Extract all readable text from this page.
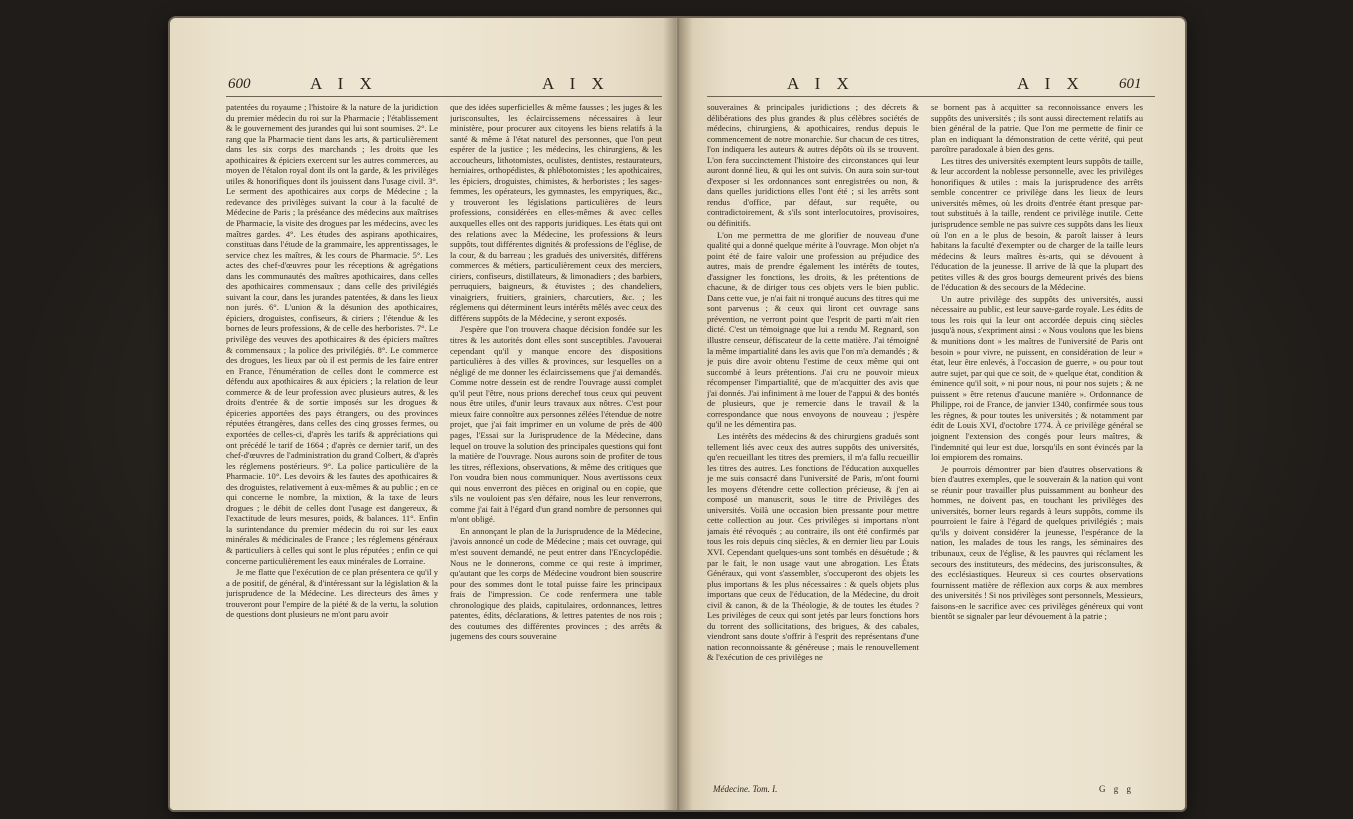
600	A I X	A I X

patentées du royaume ; l'histoire & la nature de la juridiction du premier médecin du roi sur la Pharmacie ; l'établissement & le gouvernement des jurandes qui lui sont soumises. 2°. Le rang que la Pharmacie tient dans les arts, & particulièrement dans les six corps des marchands ; les droits que les apothicaires & épiciers exercent sur les autres commerces, au moyen de l'étalon royal dont ils ont la garde, & les privilèges utiles & honorifiques dont ils jouissent dans l'usage civil. 3°. Le serment des apothicaires aux corps de Médecine ; la redevance des privilèges suivant la cour à la faculté de Médecine de Paris ; la préséance des médecins aux maîtrises de Pharmacie, la visite des drogues par les médecins, avec les maîtres gardes. 4°. Les études des aspirans apothicaires, constituas dans l'étude de la grammaire, les apprentissages, le service chez les maîtres, & les cours de Pharmacie. 5°. Les actes des chef-d'œuvres pour les réceptions & agrégations dans les communautés des maîtres apothicaires, dans celles des apothicaires commensaux ; dans celle des privilégiés suivant la cour, dans les jurandes patentées, & dans les lieux non jurés. 6°. L'union & la désunion des apothicaires, épiciers, droguistes, confiseurs, & ciriers ; l'étendue & les bornes de leurs professions, & de celle des herboristes. 7°. Le privilège des veuves des apothicaires & des épiciers maîtres & commensaux ; la police des privilégiés. 8°. Le commerce des drogues, les lieux par où il est permis de les faire entrer en France, l'énumération de celles dont le commerce est défendu aux apothicaires & aux épiciers ; la relation de leur commerce & de leur profession avec plusieurs autres, & les droits d'entrée & de sortie imposés sur les drogues & épiceries apportées des pays étrangers, ou des provinces réputées étrangères, dans celles des cinq grosses fermes, ou exportées de celles-ci, d'après les tarifs & appréciations qui ont précédé le tarif de 1664 ; d'après ce dernier tarif, un des chef-d'œuvres de l'administration du grand Colbert, & d'après les réglemens postérieurs. 9°. La police particulière de la Pharmacie. 10°. Les devoirs & les fautes des apothicaires & des droguistes, relativement à eux-mêmes & au public ; en ce qui concerne le nombre, la mixtion, & la taxe de leurs drogues ; le débit de celles dont l'usage est dangereux, & l'exactitude de leurs mesures, poids, & balances. 11°. Enfin la surintendance du premier médecin du roi sur les eaux minérales & médicinales de France ; les réglemens généraux & particuliers à celles qui sont le plus réputées ; enfin ce qui concerne particulièrement les eaux minérales de Lorraine.

Je me flatte que l'exécution de ce plan présentera ce qu'il y a de positif, de général, & d'intéressant sur la législation & la jurisprudence de la Médecine. Les directeurs des âmes y trouveront pour l'empire de la piété & de la vertu, la solution de questions dont plusieurs ne m'ont paru avoir

que des idées superficielles & même fausses ; les juges & les jurisconsultes, les éclaircissemens nécessaires à leur ministère, pour procurer aux citoyens les biens relatifs à la santé & même à l'état naturel des personnes, que l'on peut espérer de la justice ; les médecins, les chirurgiens, & les accoucheurs, lithotomistes, oculistes, dentistes, restaurateurs, herniaires, orthopédistes, & phlébotomistes ; les apothicaires, les épiciers, droguistes, chimistes, & herboristes ; les sages-femmes, les opérateurs, les gymnastes, les empyriques, &c., y trouveront les législations particulières de leurs professions, considérées en elles-mêmes & avec celles auxquelles elles ont des rapports juridiques. Les états qui ont des relations avec la Médecine, les professions & leurs suppôts, tout différentes dignités & professions de l'église, de la cour, & du barreau ; les gradués des universités, différens commerces & métiers, particulièrement ceux des merciers, ciriers, confiseurs, distillateurs, & limonadiers ; des barbiers, perruquiers, baigneurs, & étuvistes ; des chandeliers, vinaigriers, fruitiers, grainiers, charcutiers, &c. ; les réglemens qui déterminent leurs intérêts mêlés avec ceux des différens suppôts de la Médecine, y seront exposés.

J'espère que l'on trouvera chaque décision fondée sur les titres & les autorités dont elles sont susceptibles. J'avouerai cependant qu'il y manque encore des dispositions particulières à des villes & provinces, sur lesquelles on a négligé de me donner les éclaircissemens que j'ai demandés. Comme notre dessein est de rendre l'ouvrage aussi complet qu'il peut l'être, nous prions derechef tous ceux qui peuvent nous être utiles, d'unir leurs travaux aux nôtres. C'est pour mieux faire connoître aux personnes zélées l'étendue de notre projet, que j'ai fait imprimer en un volume de près de 400 pages, l'Essai sur la Jurisprudence de la Médecine, dans lequel on trouve la solution des principales questions qui font la matière de l'ouvrage. Nous aurons soin de profiter de tous les titres, réflexions, observations, & même des critiques que l'on voudra bien nous communiquer. Nous avertissons ceux qui nous enverront des pièces en original ou en copie, que s'ils ne vouloient pas s'en défaire, nous les leur renverrons, comme j'ai fait à l'égard d'un grand nombre de personnes qui m'ont obligé.

En annonçant le plan de la Jurisprudence de la Médecine, j'avois annoncé un code de Médecine ; mais cet ouvrage, qui m'est souvent demandé, ne peut entrer dans l'Encyclopédie. Nous ne le donnerons, comme ce qui reste à imprimer, qu'autant que les corps de Médecine voudront bien souscrire pour des sommes dont le total puisse faire les principaux frais de l'impression. Ce code renfermera une table chronologique des plaids, capitulaires, ordonnances, lettres patentes, édits, déclarations, & lettres patentes de nos rois ; des coutumes des différentes provinces ; des arrêts & jugemens des cours souveraine

A I X	A I X 601

souveraines & principales juridictions ; des décrets & délibérations des plus grandes & plus célèbres sociétés de médecins, chirurgiens, & apothicaires, rendus depuis le commencement de notre monarchie. Sur chacun de ces titres, l'on indiquera les auteurs & autres dépôts où ils se trouvent. L'on fera succinctement l'histoire des circonstances qui leur auront donné lieu, & qui les ont suivis. On aura soin sur-tout d'exposer si les ordonnances sont enregistrées ou non, & dans quelles juridictions elles l'ont été ; si les arrêts sont rendus d'office, par défaut, sur requête, ou contradictoirement, & s'ils sont interlocutoires, provisoires, ou définitifs.

L'on me permettra de me glorifier de nouveau d'une qualité qui a donné quelque mérite à l'ouvrage. Mon objet n'a point été de faire valoir une profession au préjudice des autres, mais de prendre également les intérêts de toutes, d'assigner les fonctions, les droits, & les prétentions de chacune, & de diriger tous ces objets vers le bien public. Dans cette vue, je n'ai fait ni tronqué aucuns des titres qui me sont parvenus ; & ceux qui liront cet ouvrage sans prévention, ne verront point que l'esprit de parti m'ait rien dicté. C'est un témoignage que lui a rendu M. Regnard, son illustre censeur, défiscateur de la cette matière. J'ai témoigné la même impartialité dans les avis que l'on m'a demandés ; & je puis dire avoir obtenu l'estime de ceux même qui ont succombé à leurs prétentions. J'ai cru ne pouvoir mieux récompenser l'impartialité, que de m'acquitter des avis que j'ai donnés. J'ai infiniment à me louer de l'appui & des bontés de plusieurs, que je remercie dans le travail & la correspondance que nous envoyons de nouveau ; j'espère qu'il ne les démentira pas.

Les intérêts des médecins & des chirurgiens gradués sont tellement liés avec ceux des autres suppôts des universités, qu'en recueillant les titres des premiers, il m'a fallu recueillir les titres des autres. Les fonctions de l'éducation auxquelles je me suis consacré dans l'université de Paris, m'ont fourni les moyens d'étendre cette collection précieuse, & j'en ai composé un manuscrit, sous le titre de Privilèges des universités. Voilà une occasion bien pressante pour mettre cette collection au jour. Ces privilèges si importans n'ont jamais été révoqués ; au contraire, ils ont été confirmés par tous les rois depuis cinq siècles, & en dernier lieu par Louis XVI. Cependant quelques-uns sont tombés en désuétude ; & par le fait, le non usage vaut une abrogation. Les États Généraux, qui vont s'assembler, s'occuperont des objets les plus importans & les plus nécessaires : & quels objets plus importans que ceux de l'éducation, de la Médecine, du droit civil & canon, & de la Théologie, & de toutes les études ? Les privilèges de ceux qui sont jetés par leurs fonctions hors du torrent des sollicitations, des brigues, & des cabales, viendront sans doute s'offrir à l'esprit des représentans d'une nation reconnoissante & généreuse ; mais le renouvellement & l'exécution de ces privilèges ne

se bornent pas à acquitter sa reconnoissance envers les suppôts des universités ; ils sont aussi directement relatifs au bien général de la patrie. Que l'on me permette de finir ce plan en indiquant la démonstration de cette vérité, qui peut paroître paradoxale à bien des gens.

Les titres des universités exemptent leurs suppôts de taille, & leur accordent la noblesse personnelle, avec les privilèges honorifiques & utiles : mais la jurisprudence des arrêts semble concentrer ce privilège dans les lieux de leurs universités mêmes, où les droits d'entrée étant presque par-tout substitués à la taille, rendent ce privilège inutile. Cette jurisprudence semble ne pas suivre ces suppôts dans les lieux où l'on en a le plus de besoin, & paroît laisser à leurs habitans la faculté d'exempter ou de charger de la taille leurs médecins & leurs maîtres ès-arts, qui se dévouent à l'éducation de la jeunesse. Il arrive de là que la plupart des petites villes & des gros bourgs demeurent privés des biens de l'éducation & des secours de la Médecine.

Un autre privilège des suppôts des universités, aussi nécessaire au public, est leur sauve-garde royale. Les édits de tous les rois qui la leur ont accordée depuis cinq siècles jusqu'à nous, s'expriment ainsi : « Nous voulons que les biens & munitions dont » les maîtres de l'université de Paris ont besoin » pour vivre, ne puissent, en considération de leur » état, leur être enlevés, à l'occasion de guerre, » ou pour tout autre sujet, par qui que ce soit, de » quelque état, condition & éminence qu'il soit, » ni pour nous, ni pour nos sujets ; & ne puissent » être retenus d'aucune manière ». Ordonnance de Philippe, roi de France, de janvier 1340, confirmée sous tous les règnes, & pour toutes les universités ; & notamment par édit de Louis XVI, d'octobre 1774. À ce privilège général se joignent l'extension des congés pour leurs maîtres, & l'indemnité qui leur est due, lorsqu'ils en sont évincés par la loi empiorem des romains.

Je pourrois démontrer par bien d'autres observations & bien d'autres exemples, que le souverain & la nation qui vont se réunir pour travailler plus puissamment au bonheur des hommes, ne doivent pas, en touchant les privilèges des universités, borner leurs regards à leurs suppôts, comme ils pourroient le faire à l'égard de quelques privilégiés ; mais qu'ils y doivent considérer la jeunesse, l'espérance de la nation, les malades de tous les rangs, les séminaires des tribunaux, ceux de l'église, & les pauvres qui réclament les secours des instituteurs, des médecins, des jurisconsultes, & des ecclésiastiques. Heureux si ces courtes observations fournissent matière de réflexion aux corps & aux membres des universités ! Si nos privilèges sont personnels, Messieurs, faisons-en le sacrifice avec ces privilèges généreux qui vont bientôt se signaler par leur dévouement à la patrie ;

Médecine. Tom. I.	G g g
